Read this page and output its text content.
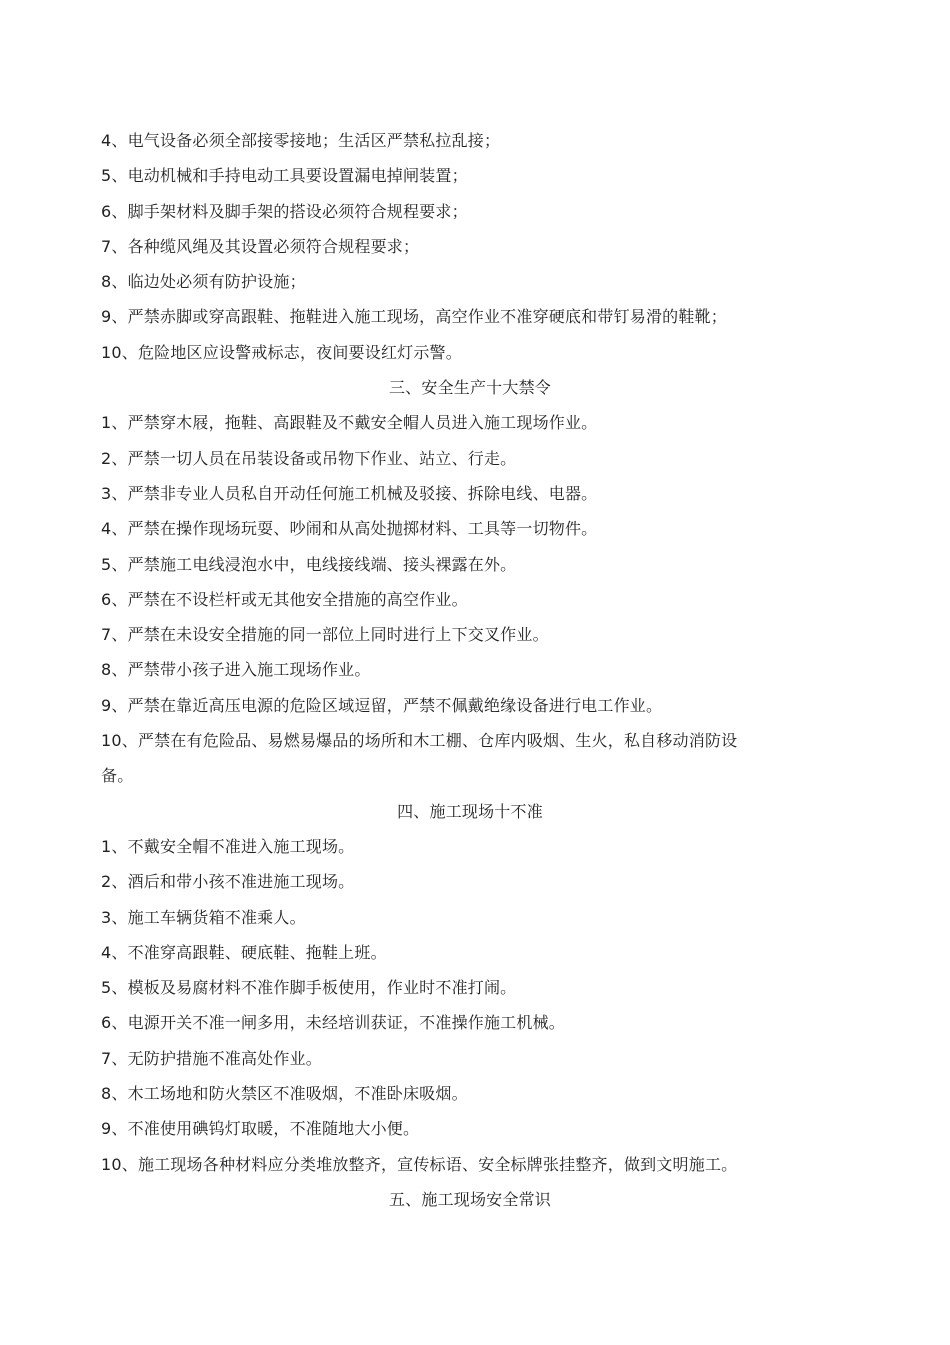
4、电气设备必须全部接零接地；生活区严禁私拉乱接；
5、电动机械和手持电动工具要设置漏电掉闸装置；
6、脚手架材料及脚手架的搭设必须符合规程要求；
7、各种缆风绳及其设置必须符合规程要求；
8、临边处必须有防护设施；
9、严禁赤脚或穿高跟鞋、拖鞋进入施工现场，高空作业不准穿硬底和带钉易滑的鞋靴；
10、危险地区应设警戒标志，夜间要设红灯示警。
三、安全生产十大禁令
1、严禁穿木屐，拖鞋、高跟鞋及不戴安全帽人员进入施工现场作业。
2、严禁一切人员在吊装设备或吊物下作业、站立、行走。
3、严禁非专业人员私自开动任何施工机械及驳接、拆除电线、电器。
4、严禁在操作现场玩耍、吵闹和从高处抛掷材料、工具等一切物件。
5、严禁施工电线浸泡水中，电线接线端、接头裸露在外。
6、严禁在不设栏杆或无其他安全措施的高空作业。
7、严禁在未设安全措施的同一部位上同时进行上下交叉作业。
8、严禁带小孩子进入施工现场作业。
9、严禁在靠近高压电源的危险区域逗留，严禁不佩戴绝缘设备进行电工作业。
10、严禁在有危险品、易燃易爆品的场所和木工棚、仓库内吸烟、生火，私自移动消防设
备。
四、施工现场十不准
1、不戴安全帽不准进入施工现场。
2、酒后和带小孩不准进施工现场。
3、施工车辆货箱不准乘人。
4、不准穿高跟鞋、硬底鞋、拖鞋上班。
5、模板及易腐材料不准作脚手板使用，作业时不准打闹。
6、电源开关不准一闸多用，未经培训获证，不准操作施工机械。
7、无防护措施不准高处作业。
8、木工场地和防火禁区不准吸烟，不准卧床吸烟。
9、不准使用碘钨灯取暖，不准随地大小便。
10、施工现场各种材料应分类堆放整齐，宣传标语、安全标牌张挂整齐，做到文明施工。
五、施工现场安全常识
